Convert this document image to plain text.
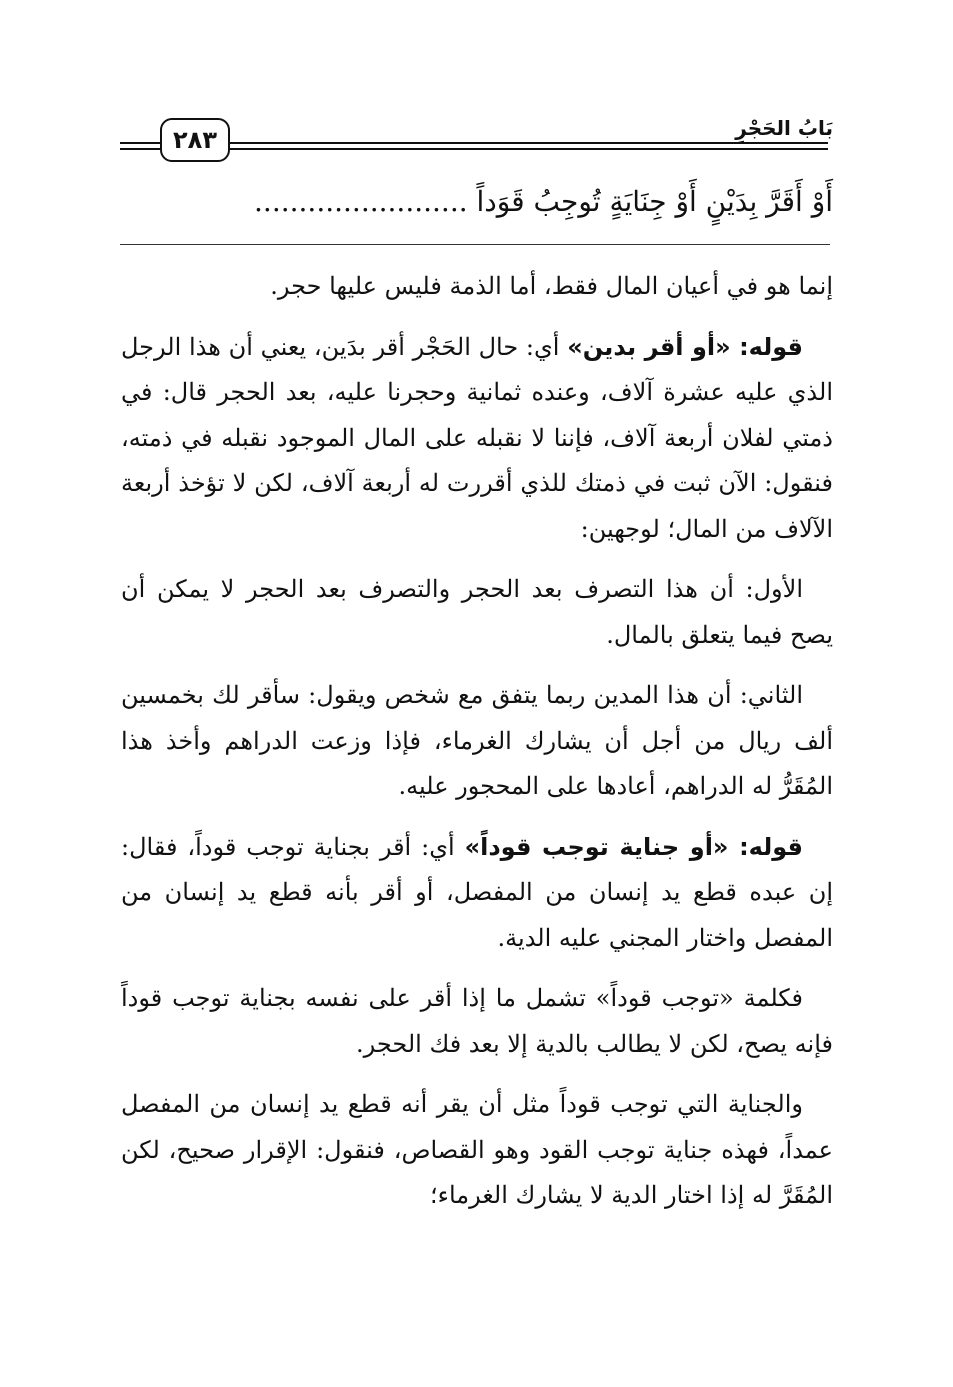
بَابُ الحَجْرِ
٢٨٣
أَوْ أَقَرَّ بِدَيْنٍ أَوْ جِنَايَةٍ تُوجِبُ قَوَداً ........................

إنما هو في أعيان المال فقط، أما الذمة فليس عليها حجر.

قوله: «أو أقر بدين» أي: حال الحَجْر أقر بدَين، يعني أن هذا الرجل الذي عليه عشرة آلاف، وعنده ثمانية وحجرنا عليه، بعد الحجر قال: في ذمتي لفلان أربعة آلاف، فإننا لا نقبله على المال الموجود نقبله في ذمته، فنقول: الآن ثبت في ذمتك للذي أقررت له أربعة آلاف، لكن لا تؤخذ أربعة الآلاف من المال؛ لوجهين:

الأول: أن هذا التصرف بعد الحجر والتصرف بعد الحجر لا يمكن أن يصح فيما يتعلق بالمال.

الثاني: أن هذا المدين ربما يتفق مع شخص ويقول: سأقر لك بخمسين ألف ريال من أجل أن يشارك الغرماء، فإذا وزعت الدراهم وأخذ هذا المُقَرُّ له الدراهم، أعادها على المحجور عليه.

قوله: «أو جناية توجب قوداً» أي: أقر بجناية توجب قوداً، فقال: إن عبده قطع يد إنسان من المفصل، أو أقر بأنه قطع يد إنسان من المفصل واختار المجني عليه الدية.

فكلمة «توجب قوداً» تشمل ما إذا أقر على نفسه بجناية توجب قوداً فإنه يصح، لكن لا يطالب بالدية إلا بعد فك الحجر.

والجناية التي توجب قوداً مثل أن يقر أنه قطع يد إنسان من المفصل عمداً، فهذه جناية توجب القود وهو القصاص، فنقول: الإقرار صحيح، لكن المُقَرَّ له إذا اختار الدية لا يشارك الغرماء؛
